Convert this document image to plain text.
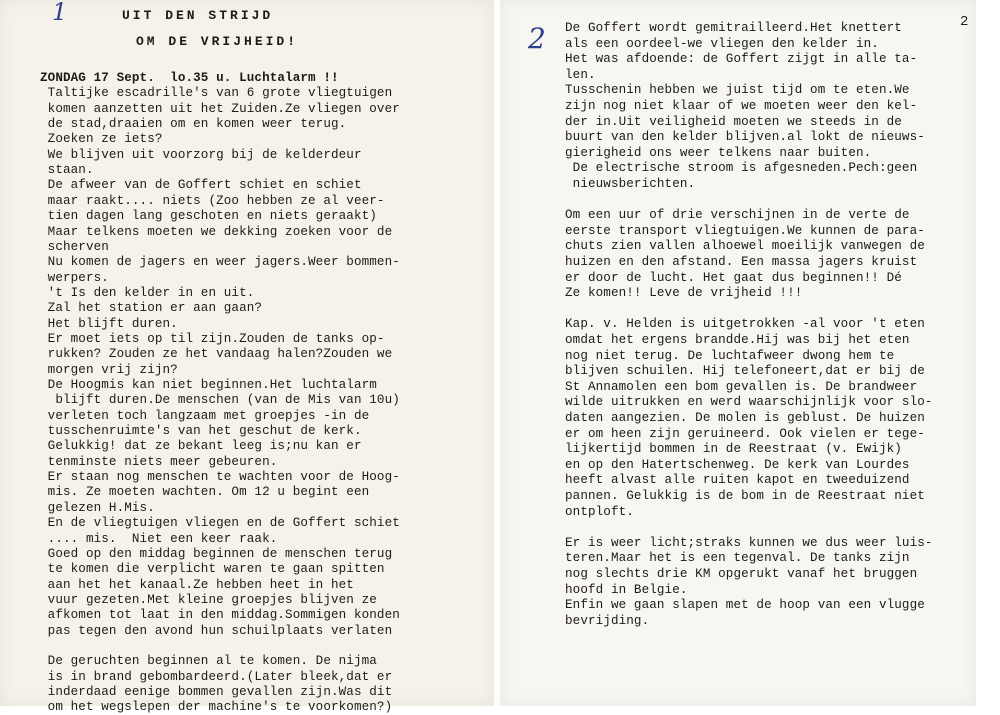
1
2	2
UIT DEN STRIJD
OM DE VRIJHEID!
ZONDAG 17 Sept.  lo.35 u. Luchtalarm !!
Taltijke escadrille's van 6 grote vliegtuigen
komen aanzetten uit het Zuiden.Ze vliegen over
de stad,draaien om en komen weer terug.
Zoeken ze iets?
We blijven uit voorzorg bij de kelderdeur
staan.
De afweer van de Goffert schiet en schiet
maar raakt.... niets (Zoo hebben ze al veer-
tien dagen lang geschoten en niets geraakt)
Maar telkens moeten we dekking zoeken voor de
scherven
Nu komen de jagers en weer jagers.Weer bommen-
werpers.
't Is den kelder in en uit.
Zal het station er aan gaan?
Het blijft duren.
Er moet iets op til zijn.Zouden de tanks op-
rukken? Zouden ze het vandaag halen?Zouden we
morgen vrij zijn?
De Hoogmis kan niet beginnen.Het luchtalarm
blijft duren.De menschen (van de Mis van 10u)
verleten toch langzaam met groepjes -in de
tusschenruimte's van het geschut de kerk.
Gelukkig! dat ze bekant leeg is;nu kan er
tenminste niets meer gebeuren.
Er staan nog menschen te wachten voor de Hoog-
mis. Ze moeten wachten. Om 12 u begint een
gelezen H.Mis.
En de vliegtuigen vliegen en de Goffert schiet
.... mis.  Niet een keer raak.
Goed op den middag beginnen de menschen terug
te komen die verplicht waren te gaan spitten
aan het het kanaal.Ze hebben heet in het
vuur gezeten.Met kleine groepjes blijven ze
afkomen tot laat in den middag.Sommigen konden
pas tegen den avond hun schuilplaats verlaten
De geruchten beginnen al te komen. De nijma
is in brand gebombardeerd.(Later bleek,dat er
inderdaad eenige bommen gevallen zijn.Was dit
om het wegslepen der machine's te voorkomen?)
De Goffert wordt gemitrailleerd.Het knettert
als een oordeel-we vliegen den kelder in.
Het was afdoende: de Goffert zijgt in alle ta-
len.
Tusschenin hebben we juist tijd om te eten.We
zijn nog niet klaar of we moeten weer den kel-
der in.Uit veiligheid moeten we steeds in de
buurt van den kelder blijven.al lokt de nieuws-
gierigheid ons weer telkens naar buiten.
De electrische stroom is afgesneden.Pech:geen
nieuwsberichten.
Om een uur of drie verschijnen in de verte de
eerste transport vliegtuigen.We kunnen de para-
chuts zien vallen alhoewel moeilijk vanwegen de
huizen en den afstand. Een massa jagers kruist
er door de lucht. Het gaat dus beginnen!! Dé
Ze komen!! Leve de vrijheid !!!
Kap. v. Helden is uitgetrokken -al voor 't eten
omdat het ergens brandde.Hij was bij het eten
nog niet terug. De luchtafweer dwong hem te
blijven schuilen. Hij telefoneert,dat er bij de
St Annamolen een bom gevallen is. De brandweer
wilde uitrukken en werd waarschijnlijk voor slo-
daten aangezien. De molen is geblust. De huizen
er om heen zijn geruineerd. Ook vielen er tege-
lijkertijd bommen in de Reestraat (v. Ewijk)
en op den Hatertschenweg. De kerk van Lourdes
heeft alvast alle ruiten kapot en tweeduizend
pannen. Gelukkig is de bom in de Reestraat niet
ontploft.
Er is weer licht;straks kunnen we dus weer luis-
teren.Maar het is een tegenval. De tanks zijn
nog slechts drie KM opgerukt vanaf het bruggen
hoofd in Belgie.
Enfin we gaan slapen met de hoop van een vlugge
bevrijding.
